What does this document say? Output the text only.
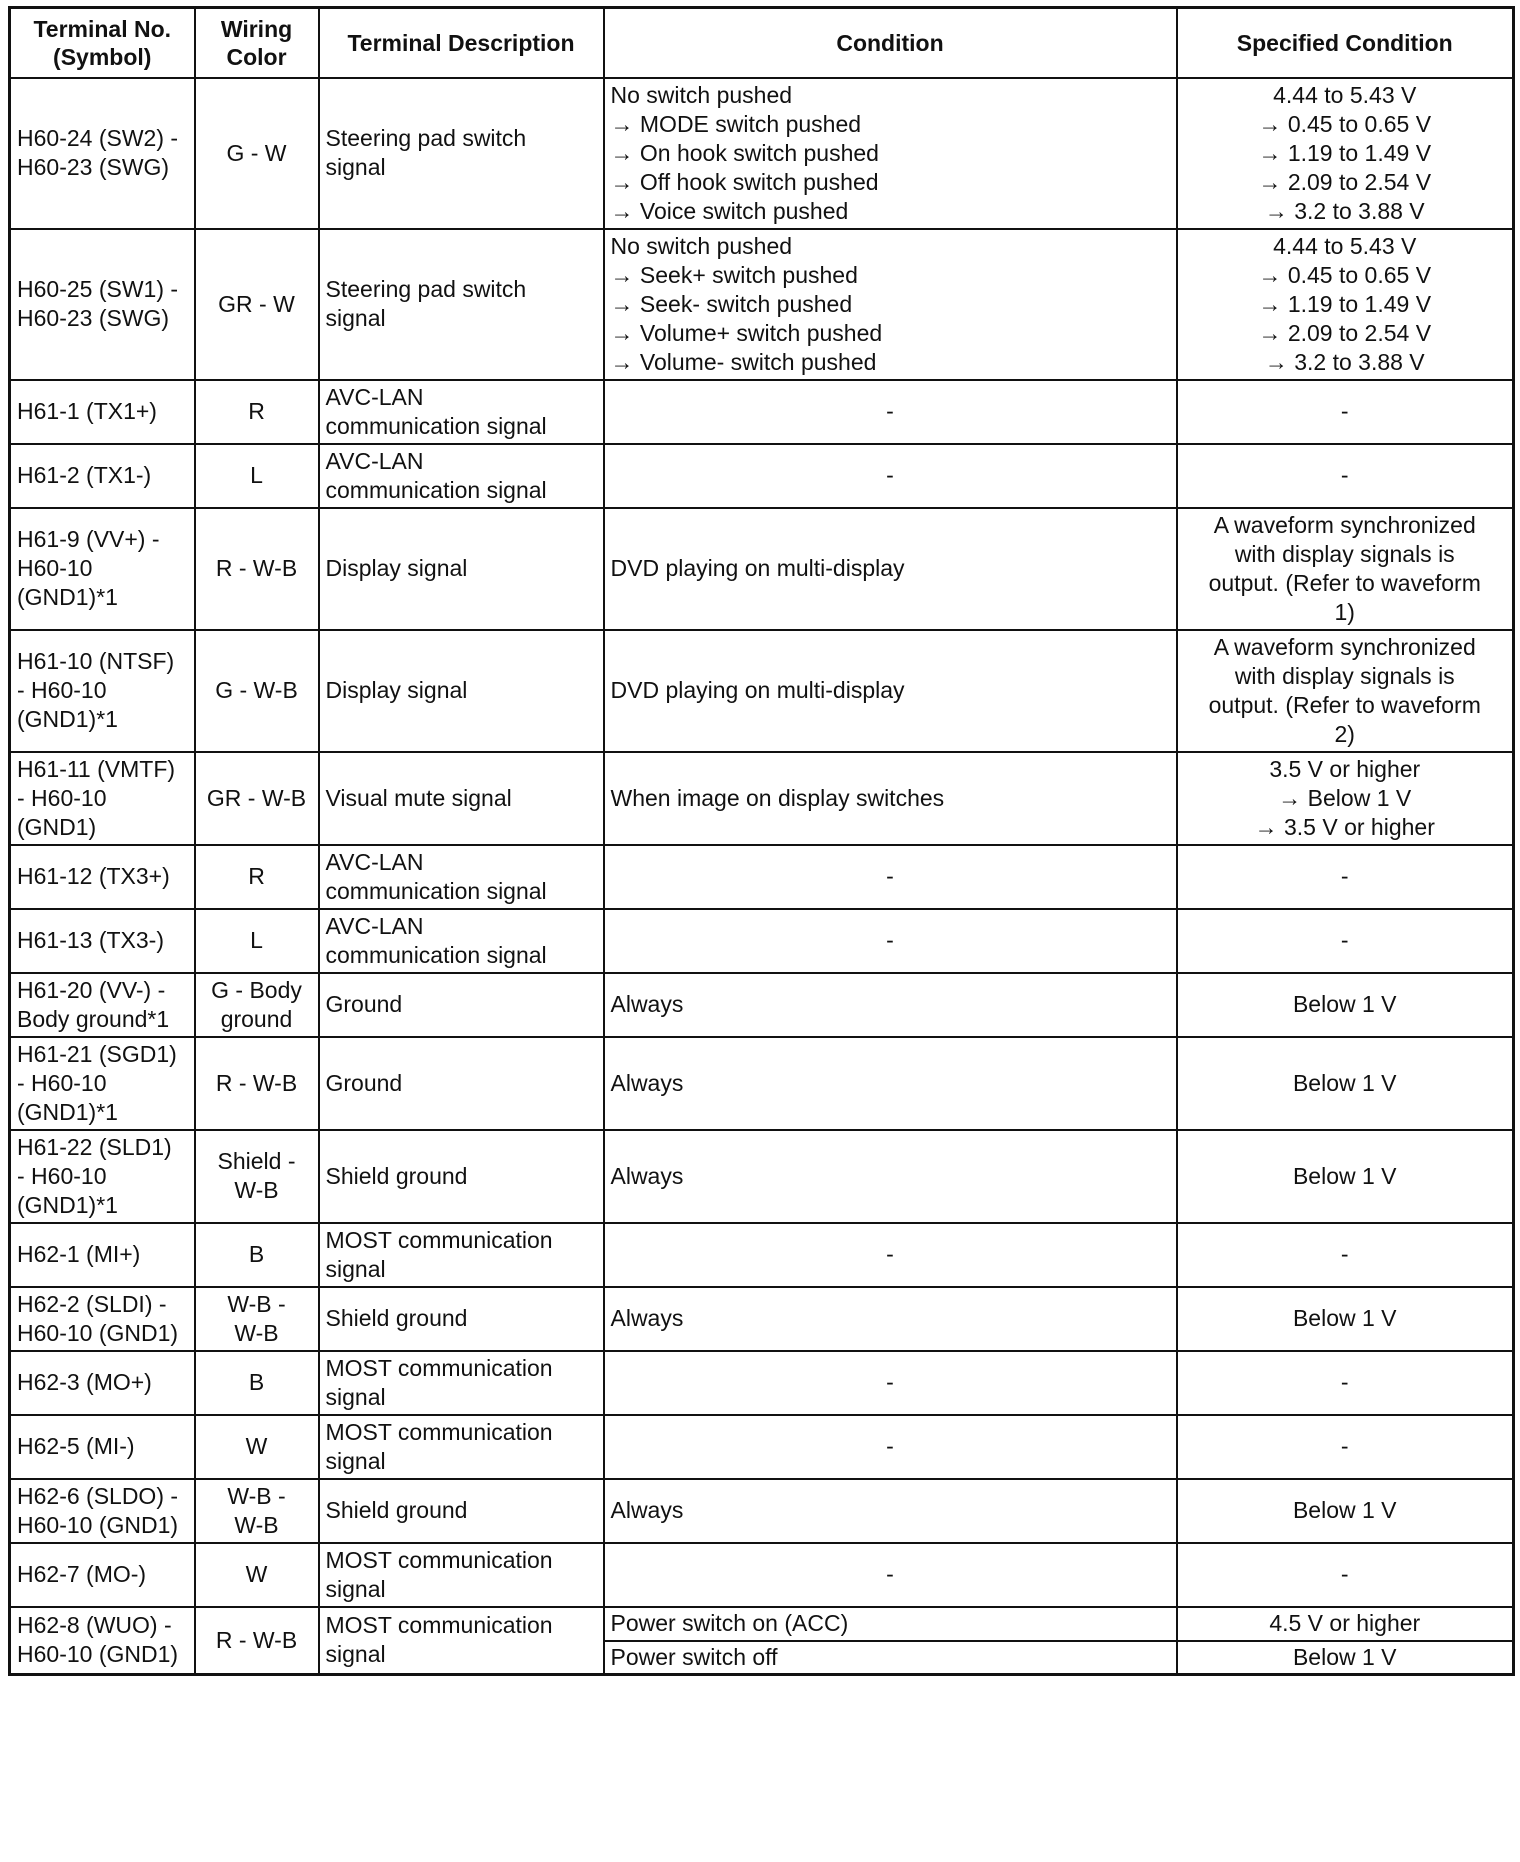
Terminal No.
(Symbol)	Wiring
Color	Terminal Description	Condition	Specified Condition

H60-24 (SW2) -
H60-23 (SWG)	G - W	Steering pad switch
signal	No switch pushed
→ MODE switch pushed
→ On hook switch pushed
→ Off hook switch pushed
→ Voice switch pushed	4.44 to 5.43 V
→ 0.45 to 0.65 V
→ 1.19 to 1.49 V
→ 2.09 to 2.54 V
→ 3.2 to 3.88 V

H60-25 (SW1) -
H60-23 (SWG)	GR - W	Steering pad switch
signal	No switch pushed
→ Seek+ switch pushed
→ Seek- switch pushed
→ Volume+ switch pushed
→ Volume- switch pushed	4.44 to 5.43 V
→ 0.45 to 0.65 V
→ 1.19 to 1.49 V
→ 2.09 to 2.54 V
→ 3.2 to 3.88 V

H61-1 (TX1+)	R	AVC-LAN
communication signal	-	-

H61-2 (TX1-)	L	AVC-LAN
communication signal	-	-

H61-9 (VV+) -
H60-10
(GND1)*1	R - W-B	Display signal	DVD playing on multi-display	A waveform synchronized
with display signals is
output. (Refer to waveform
1)

H61-10 (NTSF)
- H60-10
(GND1)*1	G - W-B	Display signal	DVD playing on multi-display	A waveform synchronized
with display signals is
output. (Refer to waveform
2)

H61-11 (VMTF)
- H60-10
(GND1)	GR - W-B	Visual mute signal	When image on display switches	3.5 V or higher
→ Below 1 V
→ 3.5 V or higher

H61-12 (TX3+)	R	AVC-LAN
communication signal	-	-

H61-13 (TX3-)	L	AVC-LAN
communication signal	-	-

H61-20 (VV-) -
Body ground*1	G - Body
ground	Ground	Always	Below 1 V

H61-21 (SGD1)
- H60-10
(GND1)*1	R - W-B	Ground	Always	Below 1 V

H61-22 (SLD1)
- H60-10
(GND1)*1	Shield -
W-B	Shield ground	Always	Below 1 V

H62-1 (MI+)	B	MOST communication
signal	-	-

H62-2 (SLDI) -
H60-10 (GND1)	W-B -
W-B	Shield ground	Always	Below 1 V

H62-3 (MO+)	B	MOST communication
signal	-	-

H62-5 (MI-)	W	MOST communication
signal	-	-

H62-6 (SLDO) -
H60-10 (GND1)	W-B -
W-B	Shield ground	Always	Below 1 V

H62-7 (MO-)	W	MOST communication
signal	-	-

H62-8 (WUO) -
H60-10 (GND1)	R - W-B	MOST communication
signal	Power switch on (ACC)	4.5 V or higher

			Power switch off	Below 1 V
